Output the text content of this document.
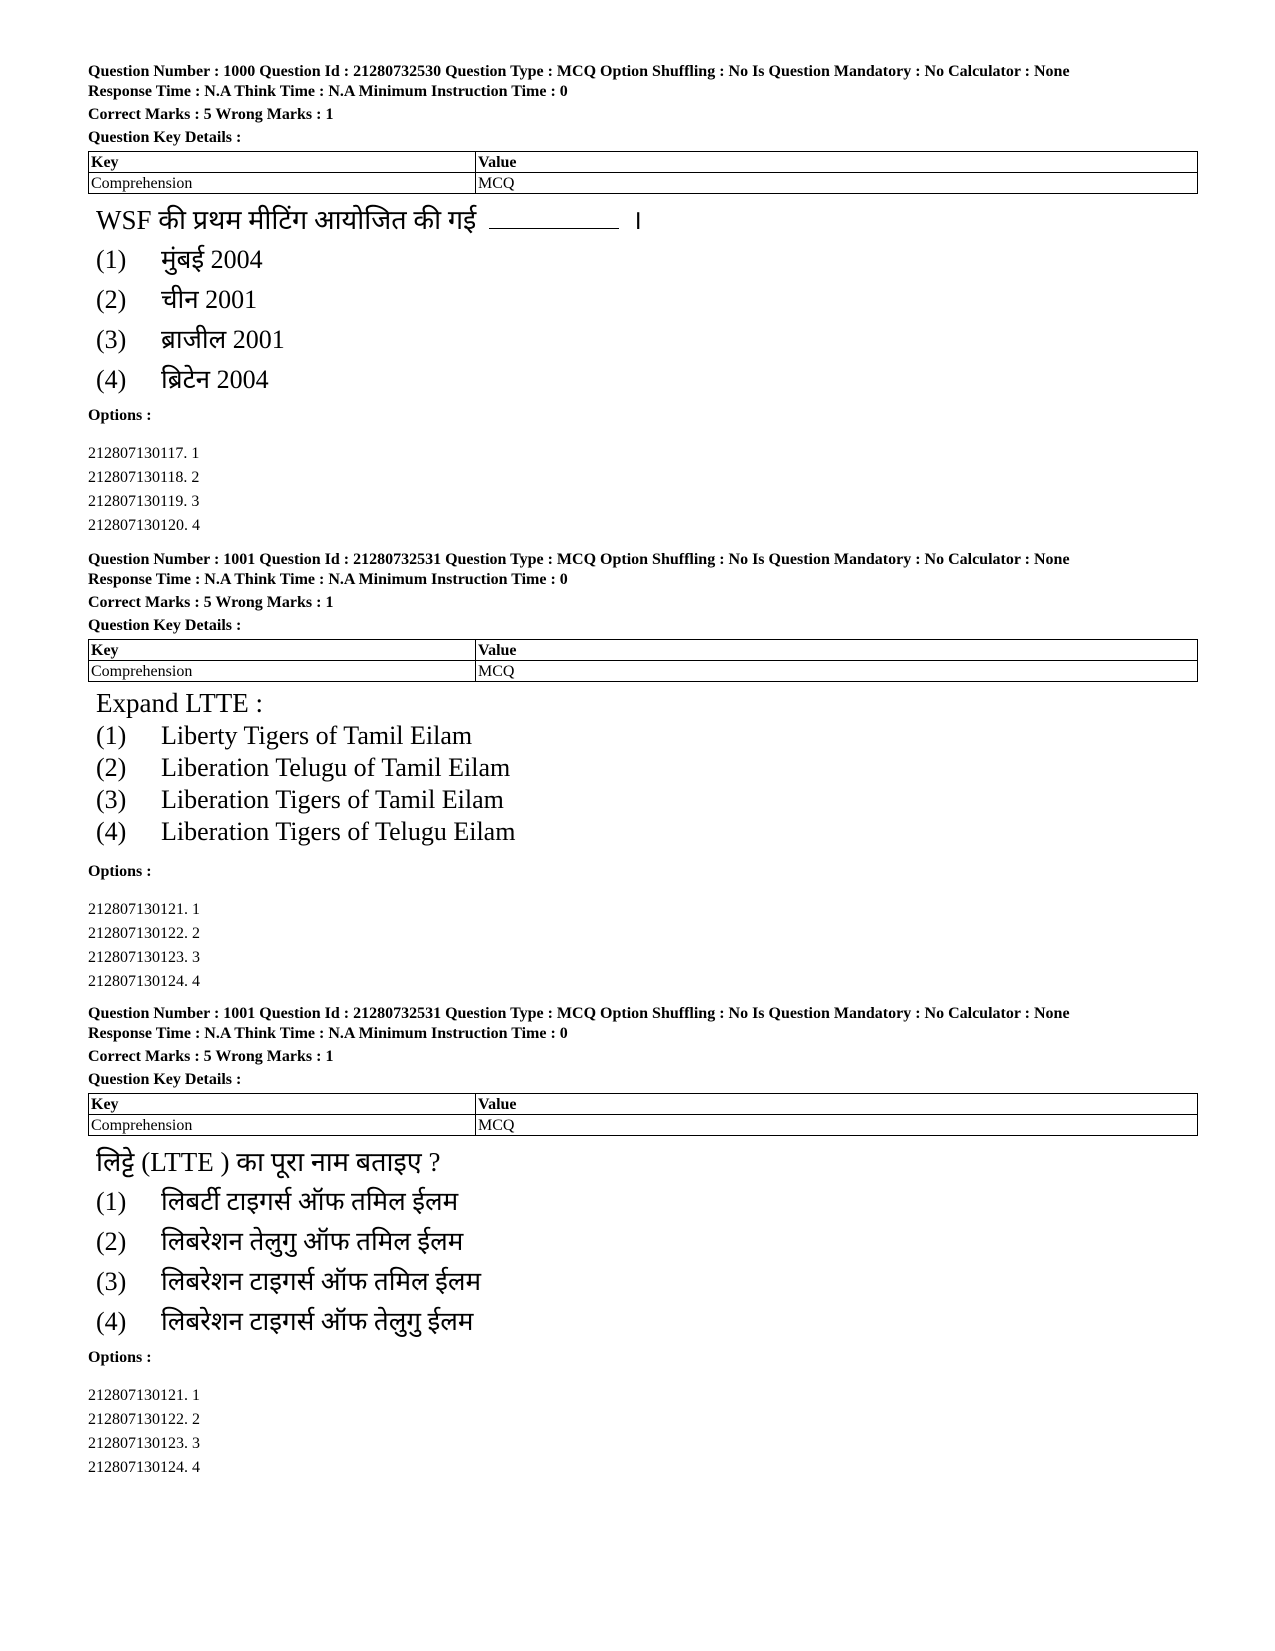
Question Number : 1000 Question Id : 21280732530 Question Type : MCQ Option Shuffling : No Is Question Mandatory : No Calculator : None

Response Time : N.A Think Time : N.A Minimum Instruction Time : 0

Correct Marks : 5 Wrong Marks : 1

Question Key Details :

Key	Value
Comprehension	MCQ
WSF की प्रथम मीटिंग आयोजित की गई	।
(1)	मुंबई 2004
(2)	चीन 2001
(3)	ब्राजील 2001
(4)	ब्रिटेन 2004

Options :

212807130117. 1
212807130118. 2
212807130119. 3
212807130120. 4

Question Number : 1001 Question Id : 21280732531 Question Type : MCQ Option Shuffling : No Is Question Mandatory : No Calculator : None

Response Time : N.A Think Time : N.A Minimum Instruction Time : 0

Correct Marks : 5 Wrong Marks : 1

Question Key Details :

Key	Value
Comprehension	MCQ
Expand LTTE :
(1)	Liberty Tigers of Tamil Eilam
(2)	Liberation Telugu of Tamil Eilam
(3)	Liberation Tigers of Tamil Eilam
(4)	Liberation Tigers of Telugu Eilam

Options :

212807130121. 1
212807130122. 2
212807130123. 3
212807130124. 4

Question Number : 1001 Question Id : 21280732531 Question Type : MCQ Option Shuffling : No Is Question Mandatory : No Calculator : None

Response Time : N.A Think Time : N.A Minimum Instruction Time : 0

Correct Marks : 5 Wrong Marks : 1

Question Key Details :

Key	Value
Comprehension	MCQ
लिट्टे (LTTE ) का पूरा नाम बताइए ?
(1)	लिबर्टी टाइगर्स ऑफ तमिल ईलम
(2)	लिबरेशन तेलुगु ऑफ तमिल ईलम
(3)	लिबरेशन टाइगर्स ऑफ तमिल ईलम
(4)	लिबरेशन टाइगर्स ऑफ तेलुगु ईलम

Options :

212807130121. 1
212807130122. 2
212807130123. 3
212807130124. 4
